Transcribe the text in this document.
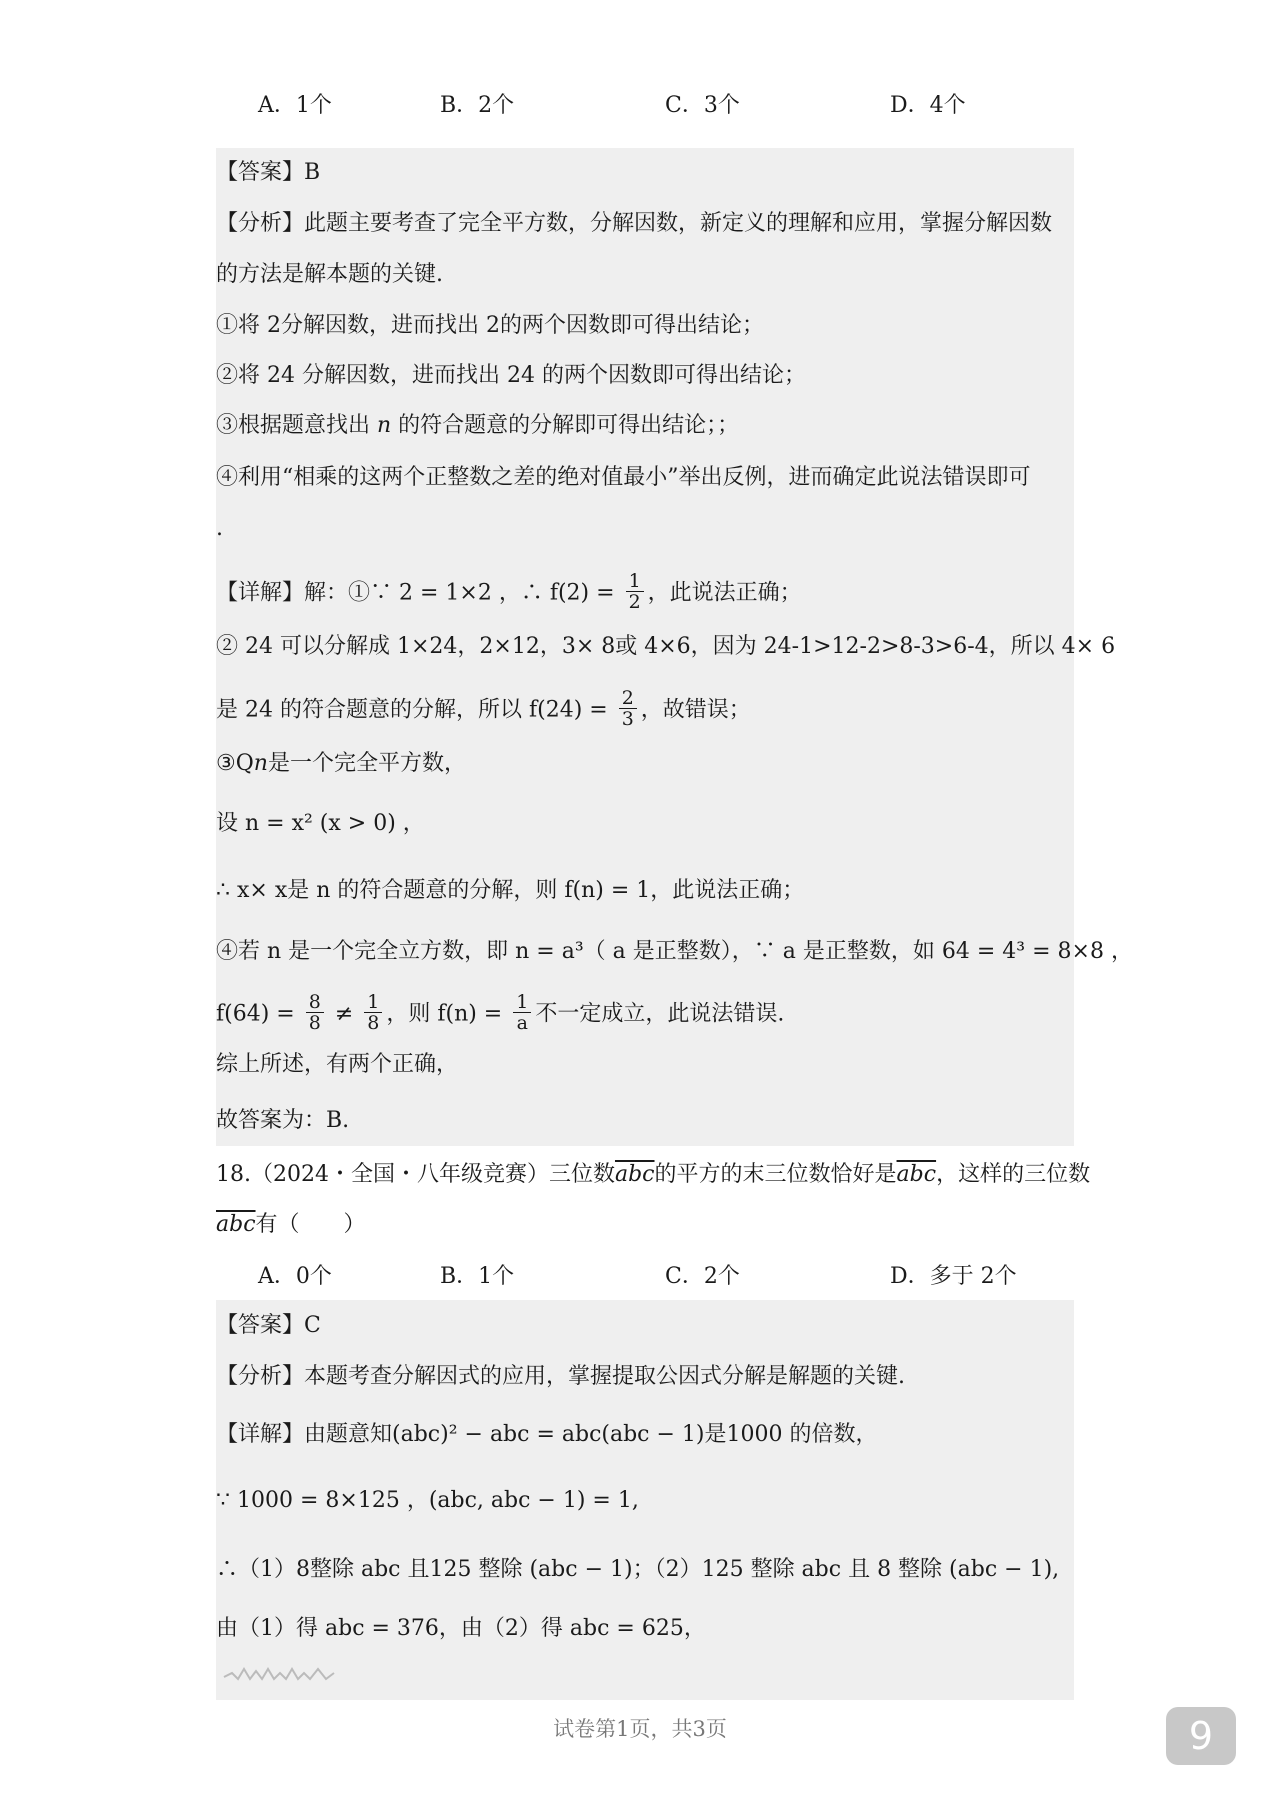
A．1个	B．2个	C．3个	D．4个
【答案】B
【分析】此题主要考查了完全平方数，分解因数，新定义的理解和应用，掌握分解因数
的方法是解本题的关键.
①将 2分解因数，进而找出 2的两个因数即可得出结论；
②将 24 分解因数，进而找出 24 的两个因数即可得出结论；
③根据题意找出 n 的符合题意的分解即可得出结论；；
④利用“相乘的这两个正整数之差的绝对值最小”举出反例，进而确定此说法错误即可
.
【详解】解：①∵ 2 = 1×2 ，∴ $f(2) = \frac{1}{2}$ ，此说法正确；
② 24 可以分解成 1×24，2×12，3× 8或 4×6，因为 24-1>12-2>8-3>6-4，所以 4× 6
是 24 的符合题意的分解，所以 $f(24) = \frac{2}{3}$ ，故错误；
③Qn是一个完全平方数，
设 n = x² (x > 0) ，
∴ x× x是 n 的符合题意的分解，则 f(n) = 1，此说法正确；
④若 n 是一个完全立方数，即 n = a³（ a 是正整数），∵ a 是正整数，如 64 = 4³ = 8×8 ，
$f(64) = \frac{8}{8} \ne \frac{1}{8}$ ，则 $f(n) = \frac{1}{a}$ 不一定成立，此说法错误.
综上所述，有两个正确，
故答案为：B.
18.（2024・全国・八年级竞赛）三位数$\overline{abc}$的平方的末三位数恰好是$\overline{abc}$，这样的三位数
$\overline{abc}$有（　　）
A．0个	B．1个	C．2个	D．多于 2个
【答案】C
【分析】本题考查分解因式的应用，掌握提取公因式分解是解题的关键.
【详解】由题意知(abc)² − abc = abc(abc − 1)是1000 的倍数，
∵ 1000 = 8×125 ，(abc, abc − 1) = 1,
∴（1）8整除 abc 且125 整除 (abc − 1)；（2）125 整除 abc 且 8 整除 (abc − 1),
由（1）得 abc = 376，由（2）得 abc = 625，
试卷第1页，共3页	9
